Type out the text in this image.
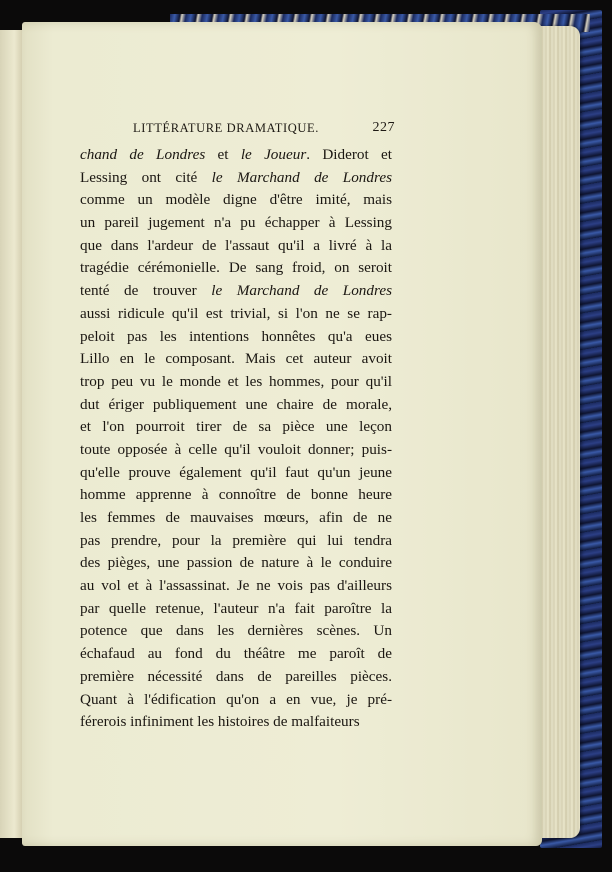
LITTÉRATURE DRAMATIQUE.	227
chand de Londres et le Joueur. Diderot et
Lessing ont cité le Marchand de Londres
comme un modèle digne d'être imité, mais
un pareil jugement n'a pu échapper à Lessing
que dans l'ardeur de l'assaut qu'il a livré à la
tragédie cérémonielle. De sang froid, on seroit
tenté de trouver le Marchand de Londres
aussi ridicule qu'il est trivial, si l'on ne se rap-
peloit pas les intentions honnêtes qu'a eues
Lillo en le composant. Mais cet auteur avoit
trop peu vu le monde et les hommes, pour qu'il
dut ériger publiquement une chaire de morale,
et l'on pourroit tirer de sa pièce une leçon
toute opposée à celle qu'il vouloit donner; puis-
qu'elle prouve également qu'il faut qu'un jeune
homme apprenne à connoître de bonne heure
les femmes de mauvaises mœurs, afin de ne
pas prendre, pour la première qui lui tendra
des pièges, une passion de nature à le conduire
au vol et à l'assassinat. Je ne vois pas d'ailleurs
par quelle retenue, l'auteur n'a fait paroître la
potence que dans les dernières scènes. Un
échafaud au fond du théâtre me paroît de
première nécessité dans de pareilles pièces.
Quant à l'édification qu'on a en vue, je pré-
férerois infiniment les histoires de malfaiteurs
